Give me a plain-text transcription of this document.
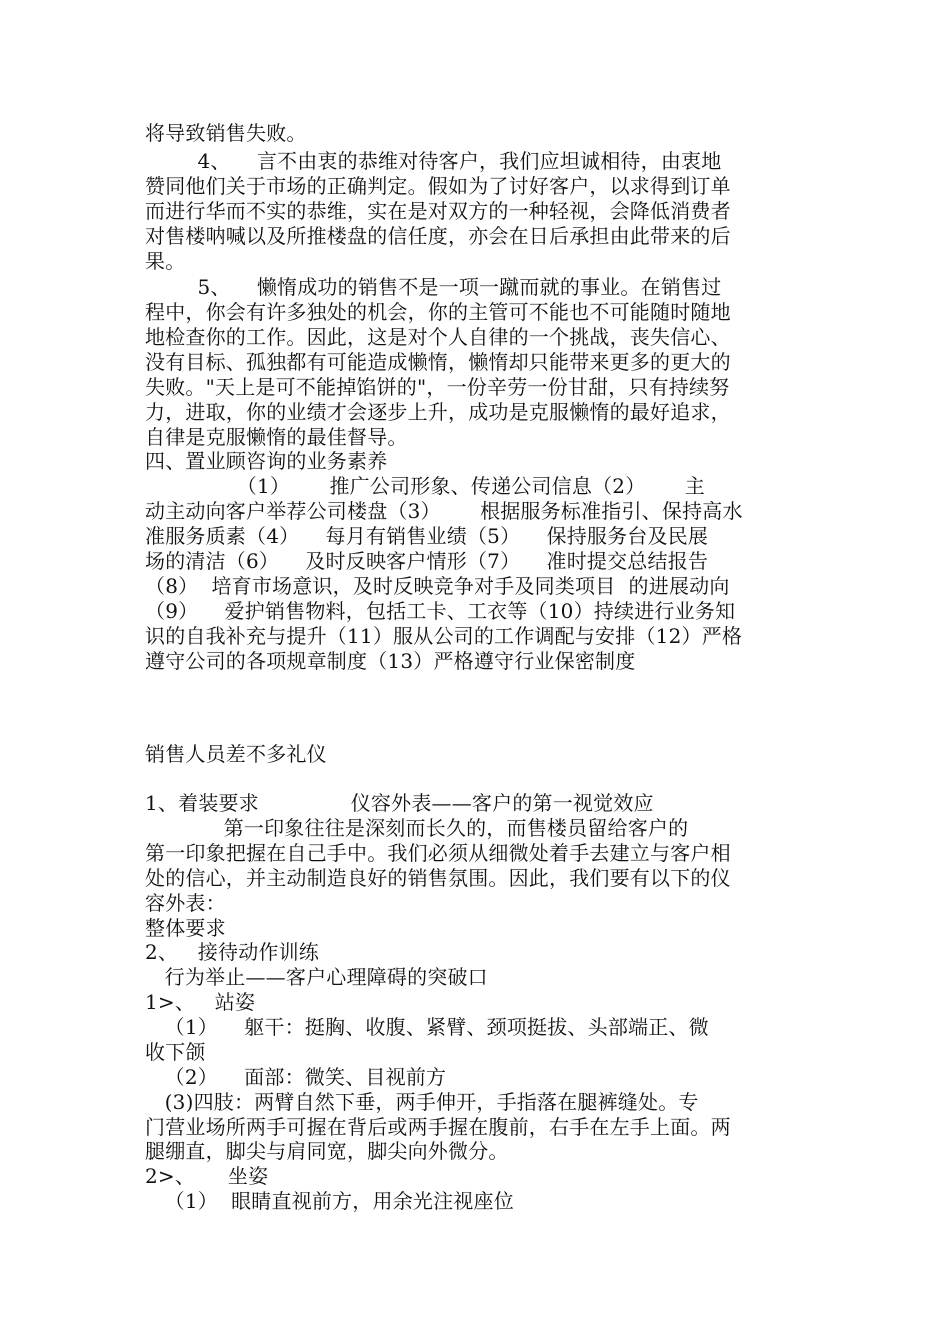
将导致销售失败。

4、    言不由衷的恭维对待客户，我们应坦诚相待，由衷地

赞同他们关于市场的正确判定。假如为了讨好客户，以求得到订单

而进行华而不实的恭维，实在是对双方的一种轻视，会降低消费者

对售楼呐喊以及所推楼盘的信任度，亦会在日后承担由此带来的后

果。

5、    懒惰成功的销售不是一项一蹴而就的事业。在销售过

程中，你会有许多独处的机会，你的主管可不能也不可能随时随地

地检查你的工作。因此，这是对个人自律的一个挑战，丧失信心、

没有目标、孤独都有可能造成懒惰，懒惰却只能带来更多的更大的

失败。"天上是可不能掉馅饼的"，一份辛劳一份甘甜，只有持续努

力，进取，你的业绩才会逐步上升，成功是克服懒惰的最好追求，

自律是克服懒惰的最佳督导。

四、置业顾咨询的业务素养

（1）      推广公司形象、传递公司信息（2）      主

动主动向客户举荐公司楼盘（3）      根据服务标准指引、保持高水

准服务质素（4）    每月有销售业绩（5）    保持服务台及民展

场的清洁（6）    及时反映客户情形（7）    准时提交总结报告

（8）  培育市场意识，及时反映竞争对手及同类项目  的进展动向

（9）    爱护销售物料，包括工卡、工衣等（10）持续进行业务知

识的自我补充与提升（11）服从公司的工作调配与安排（12）严格

遵守公司的各项规章制度（13）严格遵守行业保密制度

销售人员差不多礼仪

1、着装要求              仪容外表——客户的第一视觉效应

第一印象往往是深刻而长久的，而售楼员留给客户的

第一印象把握在自己手中。我们必须从细微处着手去建立与客户相

处的信心，并主动制造良好的销售氛围。因此，我们要有以下的仪

容外表：

整体要求

2、   接待动作训练

行为举止——客户心理障碍的突破口

1>、   站姿

（1）    躯干：挺胸、收腹、紧臂、颈项挺拔、头部端正、微

收下颌

（2）    面部：微笑、目视前方

(3)四肢：两臂自然下垂，两手伸开，手指落在腿裤缝处。专

门营业场所两手可握在背后或两手握在腹前，右手在左手上面。两

腿绷直，脚尖与肩同宽，脚尖向外微分。

2>、     坐姿

（1）  眼睛直视前方，用余光注视座位
